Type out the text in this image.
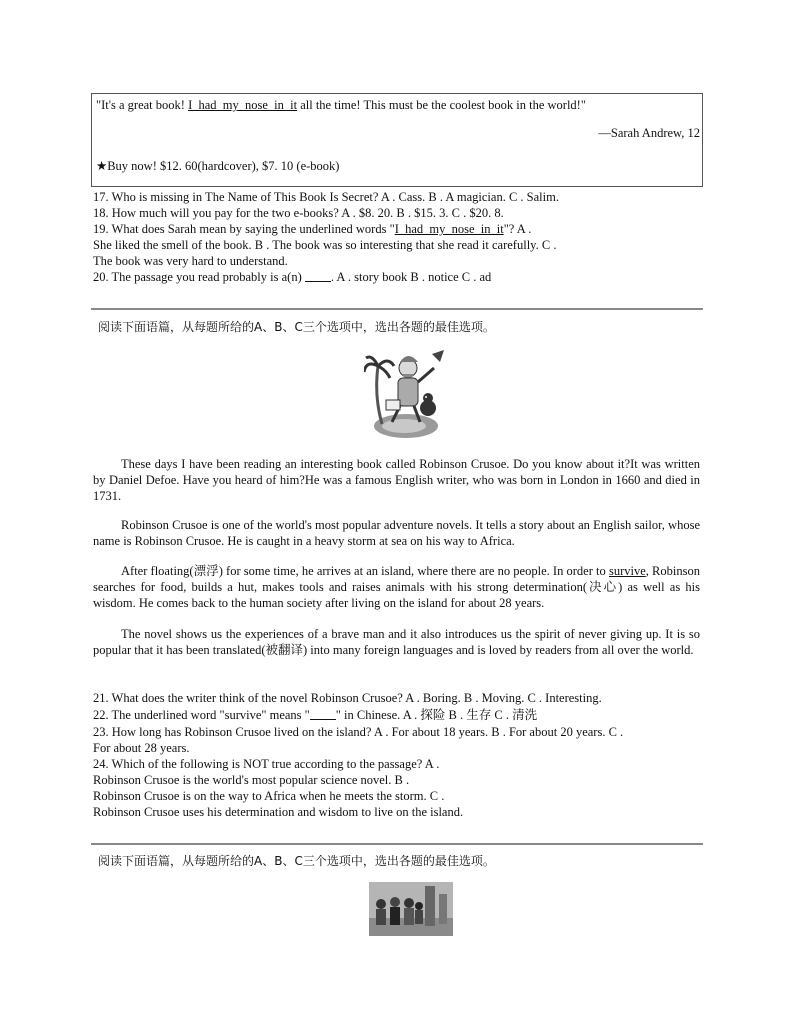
"It's a great book! I_had_my_nose_in_it all the time! This must be the coolest book in the world!"
—Sarah Andrew, 12
★Buy now! $12. 60(hardcover), $7. 10 (e-book)
17. Who is missing in The Name of This Book Is Secret? A . Cass. B . A magician. C . Salim.
18. How much will you pay for the two e-books? A . $8. 20. B . $15. 3. C . $20. 8.
19. What does Sarah mean by saying the underlined words "I_had_my_nose_in_it"? A .
She liked the smell of the book. B . The book was so interesting that she read it carefully. C .
The book was very hard to understand.
20. The passage you read probably is a(n) . A . story book B . notice C . ad
阅读下面语篇，从每题所给的A、B、C三个选项中，选出各题的最佳选项。

These days I have been reading an interesting book called Robinson Crusoe. Do you know about it?It was written by Daniel Defoe. Have you heard of him?He was a famous English writer, who was born in London in 1660 and died in 1731.

Robinson Crusoe is one of the world's most popular adventure novels. It tells a story about an English sailor, whose name is Robinson Crusoe. He is caught in a heavy storm at sea on his way to Africa.

After floating(漂浮) for some time, he arrives at an island, where there are no people. In order to survive, Robinson searches for food, builds a hut, makes tools and raises animals with his strong determination(决心) as well as his wisdom. He comes back to the human society after living on the island for about 28 years.

The novel shows us the experiences of a brave man and it also introduces us the spirit of never giving up. It is so popular that it has been translated(被翻译) into many foreign languages and is loved by readers from all over the world.

21. What does the writer think of the novel Robinson Crusoe? A . Boring. B . Moving. C . Interesting.
22. The underlined word "survive" means " " in Chinese. A . 探险 B . 生存 C . 清洗
23. How long has Robinson Crusoe lived on the island? A . For about 18 years. B . For about 20 years. C .
For about 28 years.
24. Which of the following is NOT true according to the passage? A .
Robinson Crusoe is the world's most popular science novel. B .
Robinson Crusoe is on the way to Africa when he meets the storm. C .
Robinson Crusoe uses his determination and wisdom to live on the island.
阅读下面语篇，从每题所给的A、B、C三个选项中，选出各题的最佳选项。
